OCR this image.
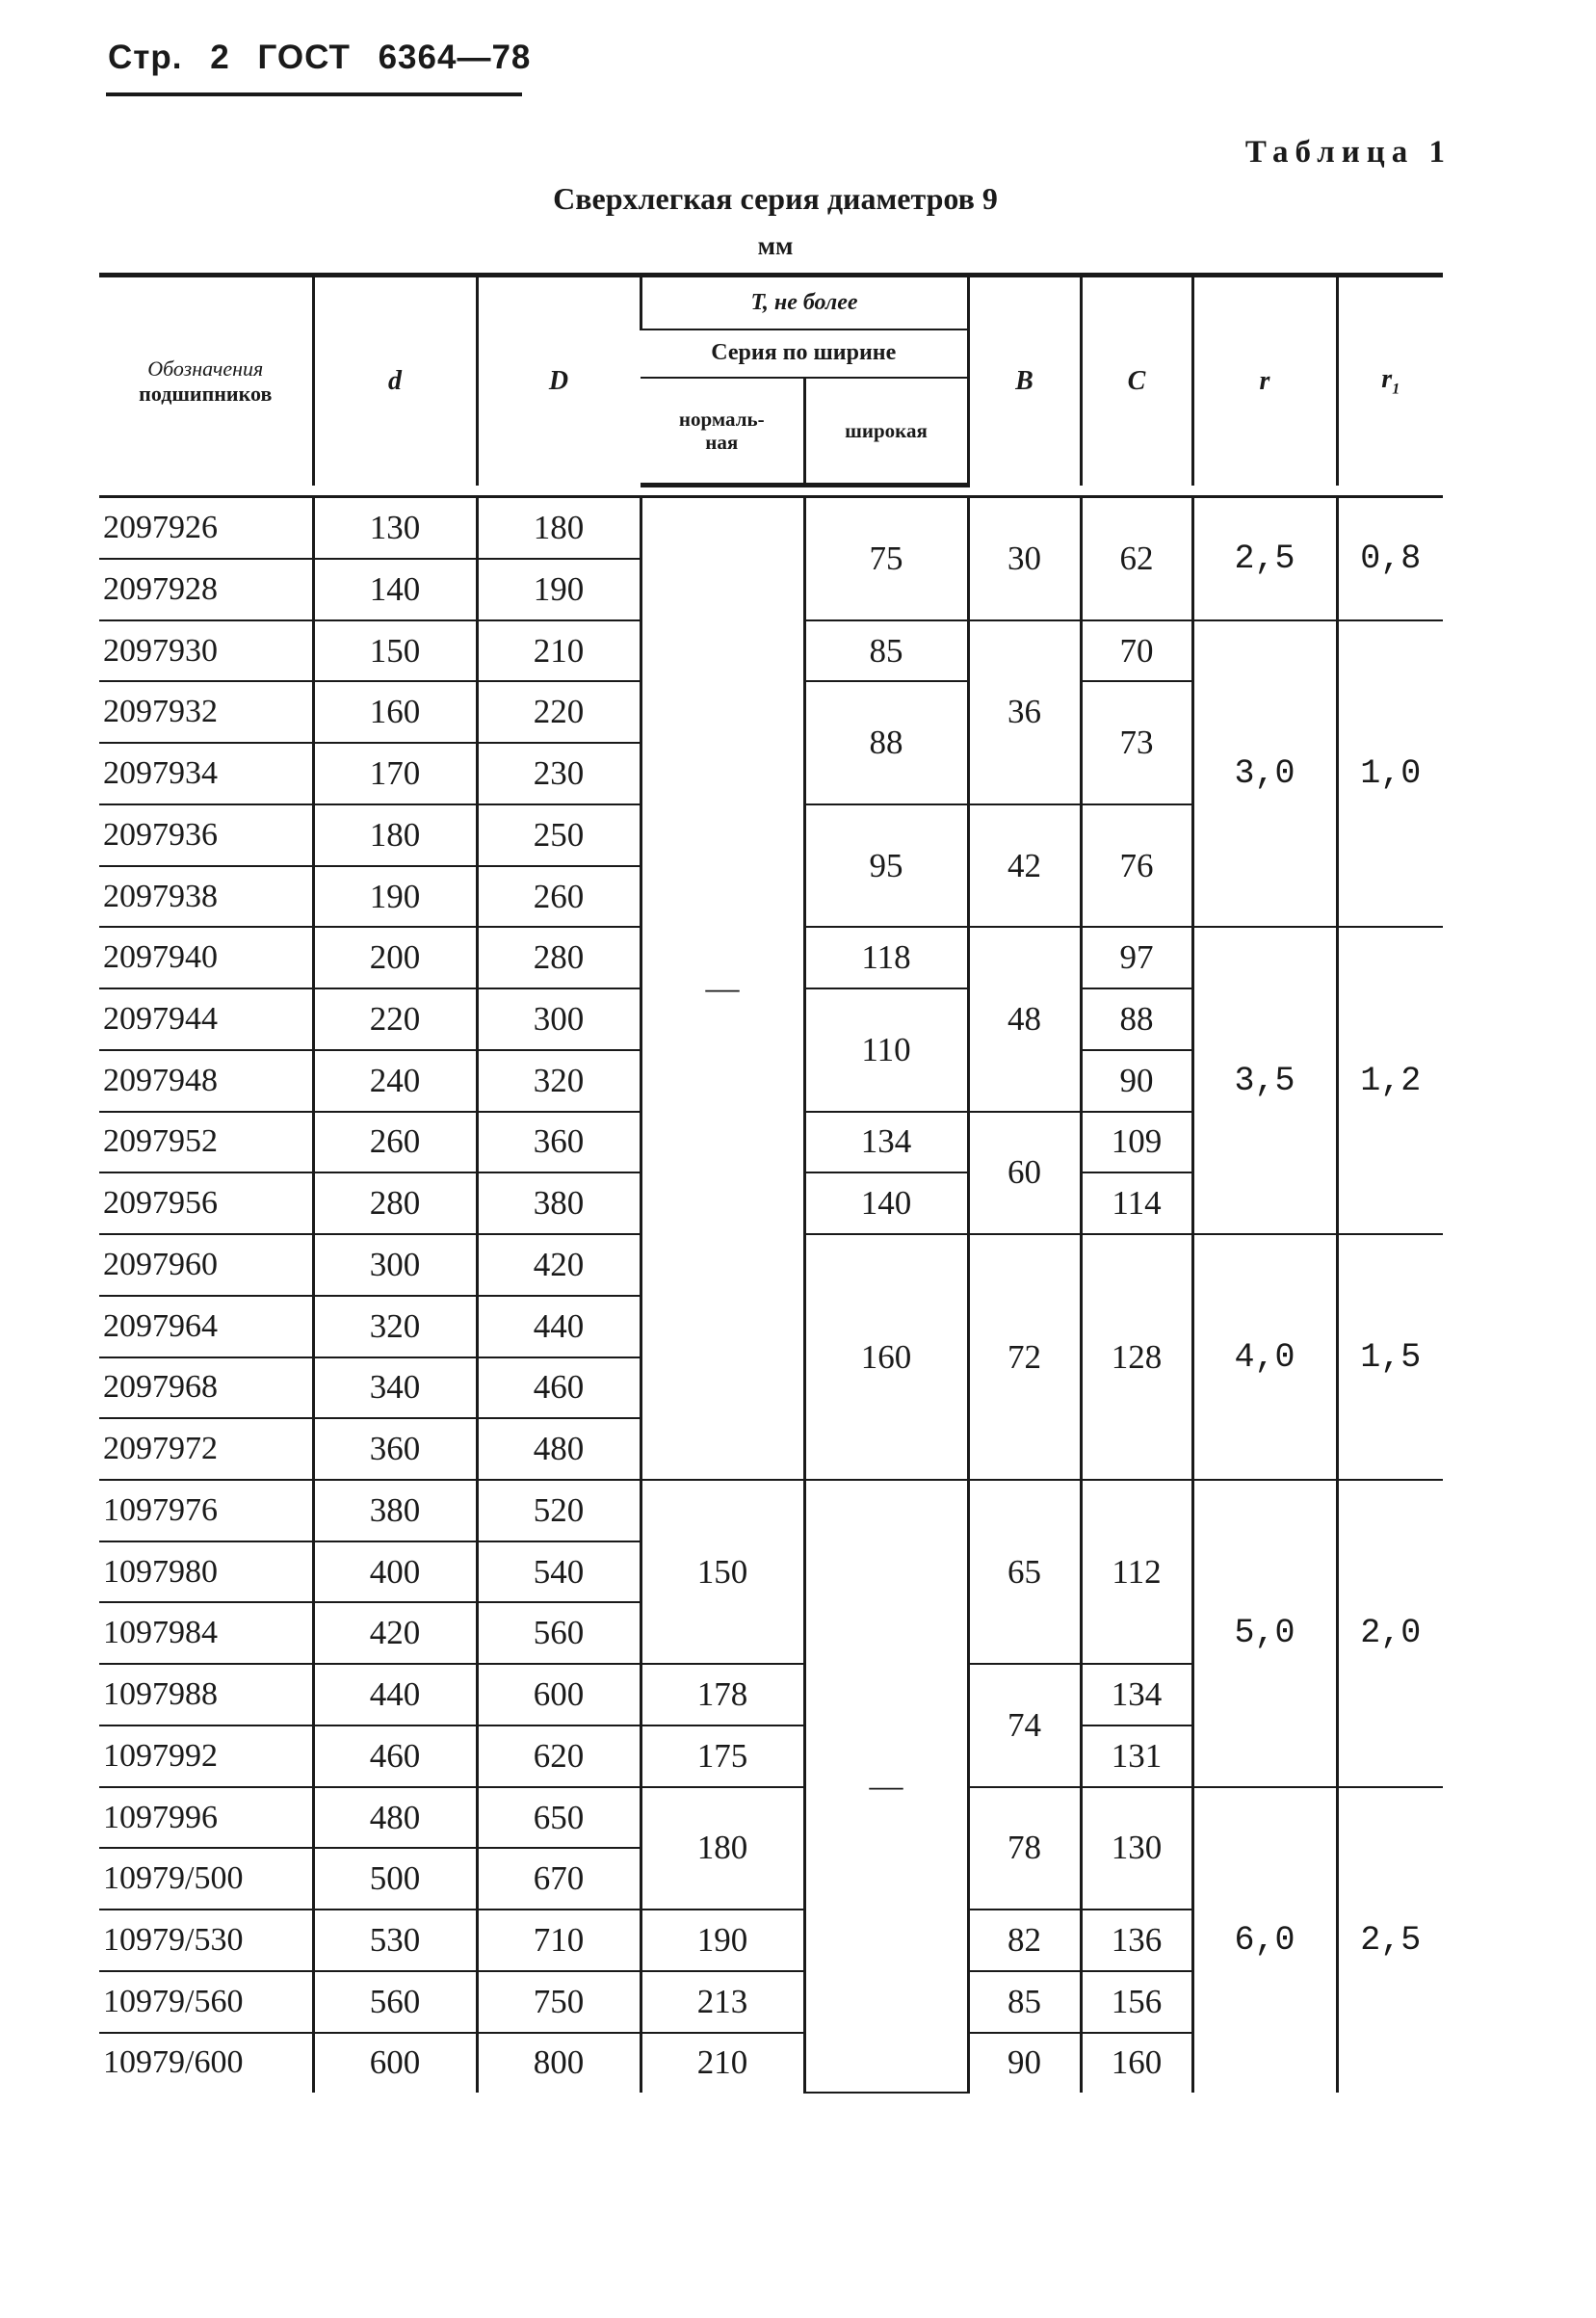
Стр. 2 ГОСТ 6364—78
Таблица 1
Сверхлегкая серия диаметров 9
мм
Обозначения
подшипников	d	D	T, не более		B	C	r	$r_1$
			Серия по ширине					

			нормаль-ная	широкая				

2097926	130	180	—	75	30	62	2,5	0,8
2097928	140	190						
2097930	150	210		85	36	70	3,0	1,0
2097932	160	220		88		73		
2097934	170	230						
2097936	180	250		95	42	76		
2097938	190	260						
2097940	200	280		118	48	97	3,5	1,2
2097944	220	300		110		88		
2097948	240	320				90		
2097952	260	360		134	60	109		
2097956	280	380		140		114		
2097960	300	420		160	72	128	4,0	1,5
2097964	320	440						
2097968	340	460						
2097972	360	480						
1097976	380	520	150	—	65	112	5,0	2,0
1097980	400	540						
1097984	420	560						
1097988	440	600	178		74	134		
1097992	460	620	175			131		
1097996	480	650	180		78	130	6,0	2,5
10979/500	500	670						
10979/530	530	710	190		82	136		
10979/560	560	750	213		85	156		
10979/600	600	800	210		90	160		
